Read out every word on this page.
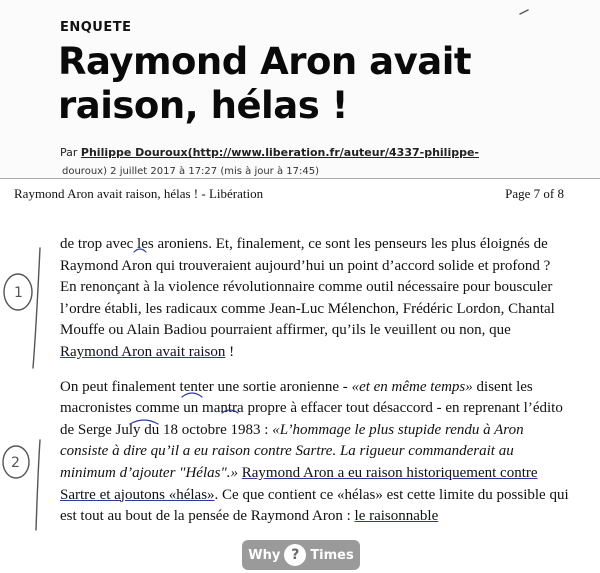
ENQUETE
Raymond Aron avait
raison, hélas !
Par Philippe Douroux(http://www.liberation.fr/auteur/4337-philippe-
douroux) 2 juillet 2017 à 17:27 (mis à jour à 17:45)
Raymond Aron avait raison, hélas ! - Libération	Page 7 of 8

de trop avec les aroniens. Et, finalement, ce sont les penseurs les plus éloignés de Raymond Aron qui trouveraient aujourd’hui un point d’accord solide et profond ? En renonçant à la violence révolutionnaire comme outil nécessaire pour bousculer l’ordre établi, les radicaux comme Jean-Luc Mélenchon, Frédéric Lordon, Chantal Mouffe ou Alain Badiou pourraient affirmer, qu’ils le veuillent ou non, que Raymond Aron avait raison !

On peut finalement tenter une sortie aronienne - «et en même temps» disent les macronistes comme un mantra propre à effacer tout désaccord - en reprenant l’édito de Serge July du 18 octobre 1983 : «L’hommage le plus stupide rendu à Aron consiste à dire qu’il a eu raison contre Sartre. La rigueur commanderait au minimum d’ajouter "Hélas".» Raymond Aron a eu raison historiquement contre Sartre et ajoutons «hélas». Ce que contient ce «hélas» est cette limite du possible qui est tout au bout de la pensée de Raymond Aron : le raisonnable

1
2
Why ? Times
